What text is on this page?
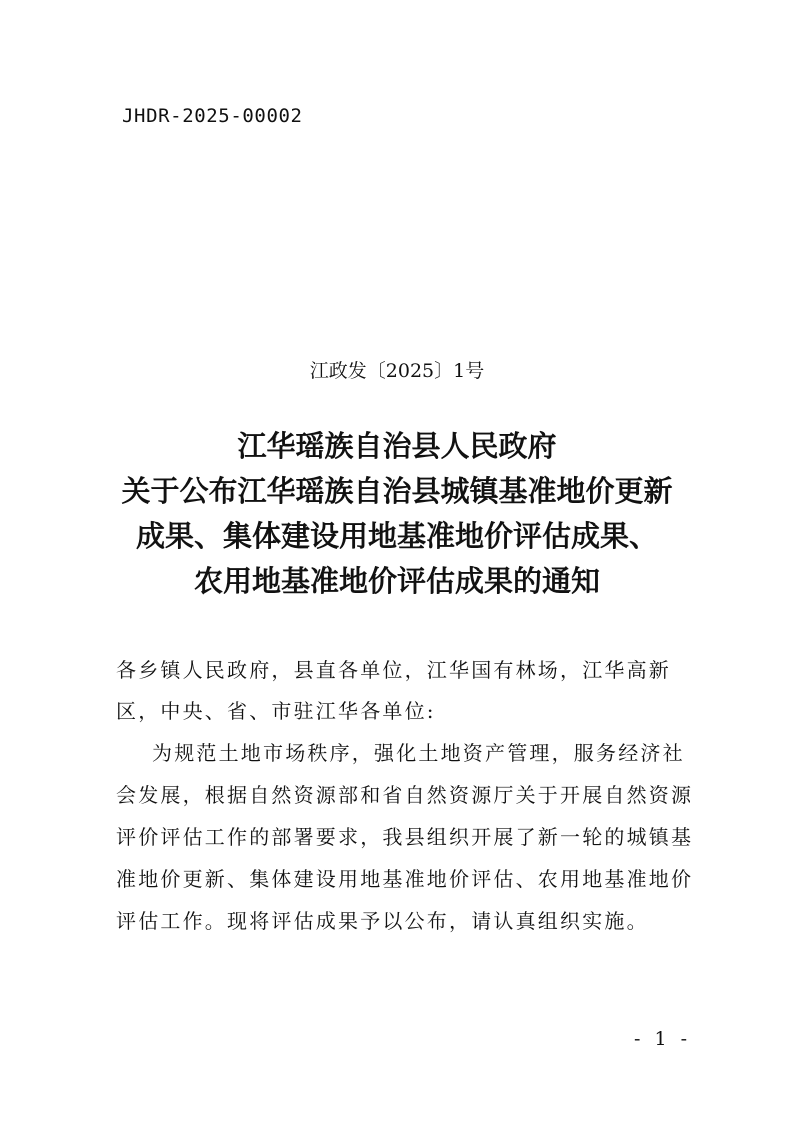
JHDR-2025-00002
江政发〔2025〕1号
江华瑶族自治县人民政府
关于公布江华瑶族自治县城镇基准地价更新
成果、集体建设用地基准地价评估成果、
农用地基准地价评估成果的通知
各乡镇人民政府，县直各单位，江华国有林场，江华高新
区，中央、省、市驻江华各单位:
为规范土地市场秩序，强化土地资产管理，服务经济社
会发展，根据自然资源部和省自然资源厅关于开展自然资源
评价评估工作的部署要求，我县组织开展了新一轮的城镇基
准地价更新、集体建设用地基准地价评估、农用地基准地价
评估工作。现将评估成果予以公布，请认真组织实施。
- 1 -
